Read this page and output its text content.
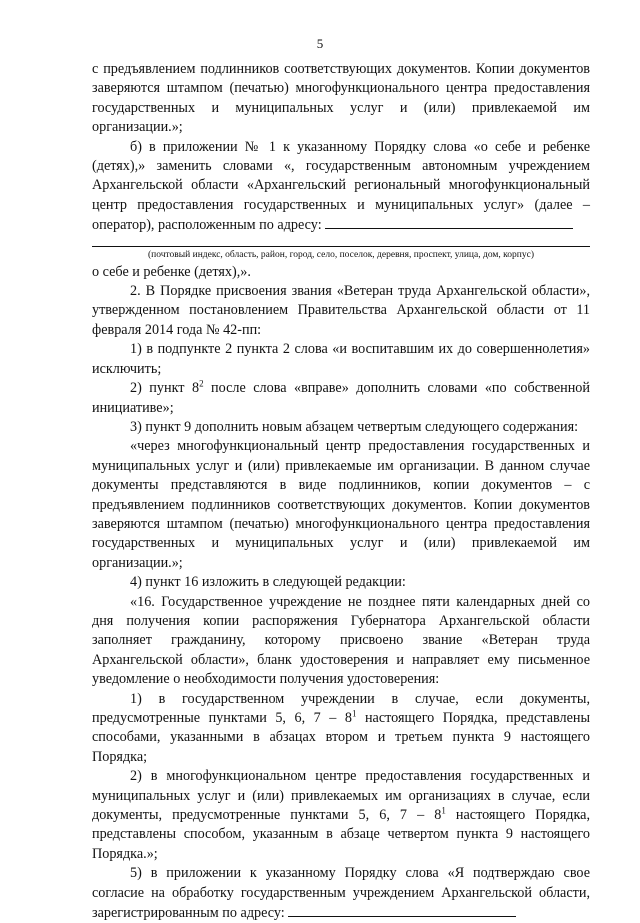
5

с предъявлением подлинников соответствующих документов. Копии документов заверяются штампом (печатью) многофункционального центра предоставления государственных и муниципальных услуг и (или) привлекаемой им организации.»;

б) в приложении № 1 к указанному Порядку слова «о себе и ребенке (детях),» заменить словами «, государственным автономным учреждением Архангельской области «Архангельский региональный многофункциональный центр предоставления государственных и муниципальных услуг» (далее – оператор), расположенным по адресу:

(почтовый индекс, область, район, город, село, поселок, деревня, проспект, улица, дом, корпус)

о себе и ребенке (детях),».

2. В Порядке присвоения звания «Ветеран труда Архангельской области», утвержденном постановлением Правительства Архангельской области от 11 февраля 2014 года № 42-пп:

1) в подпункте 2 пункта 2 слова «и воспитавшим их до совершеннолетия» исключить;

2) пункт $8^2$ после слова «вправе» дополнить словами «по собственной инициативе»;

3) пункт 9 дополнить новым абзацем четвертым следующего содержания:

«через многофункциональный центр предоставления государственных и муниципальных услуг и (или) привлекаемые им организации. В данном случае документы представляются в виде подлинников, копии документов – с предъявлением подлинников соответствующих документов. Копии документов заверяются штампом (печатью) многофункционального центра предоставления государственных и муниципальных услуг и (или) привлекаемой им организации.»;

4) пункт 16 изложить в следующей редакции:

«16. Государственное учреждение не позднее пяти календарных дней со дня получения копии распоряжения Губернатора Архангельской области заполняет гражданину, которому присвоено звание «Ветеран труда Архангельской области», бланк удостоверения и направляет ему письменное уведомление о необходимости получения удостоверения:

1) в государственном учреждении в случае, если документы, предусмотренные пунктами 5, 6, $7 - 8^1$ настоящего Порядка, представлены способами, указанными в абзацах втором и третьем пункта 9 настоящего Порядка;

2) в многофункциональном центре предоставления государственных и муниципальных услуг и (или) привлекаемых им организациях в случае, если документы, предусмотренные пунктами 5, 6, $7 - 8^1$ настоящего Порядка, представлены способом, указанным в абзаце четвертом пункта 9 настоящего Порядка.»;

5) в приложении к указанному Порядку слова «Я подтверждаю свое согласие на обработку государственным учреждением Архангельской области, зарегистрированным по адресу:
